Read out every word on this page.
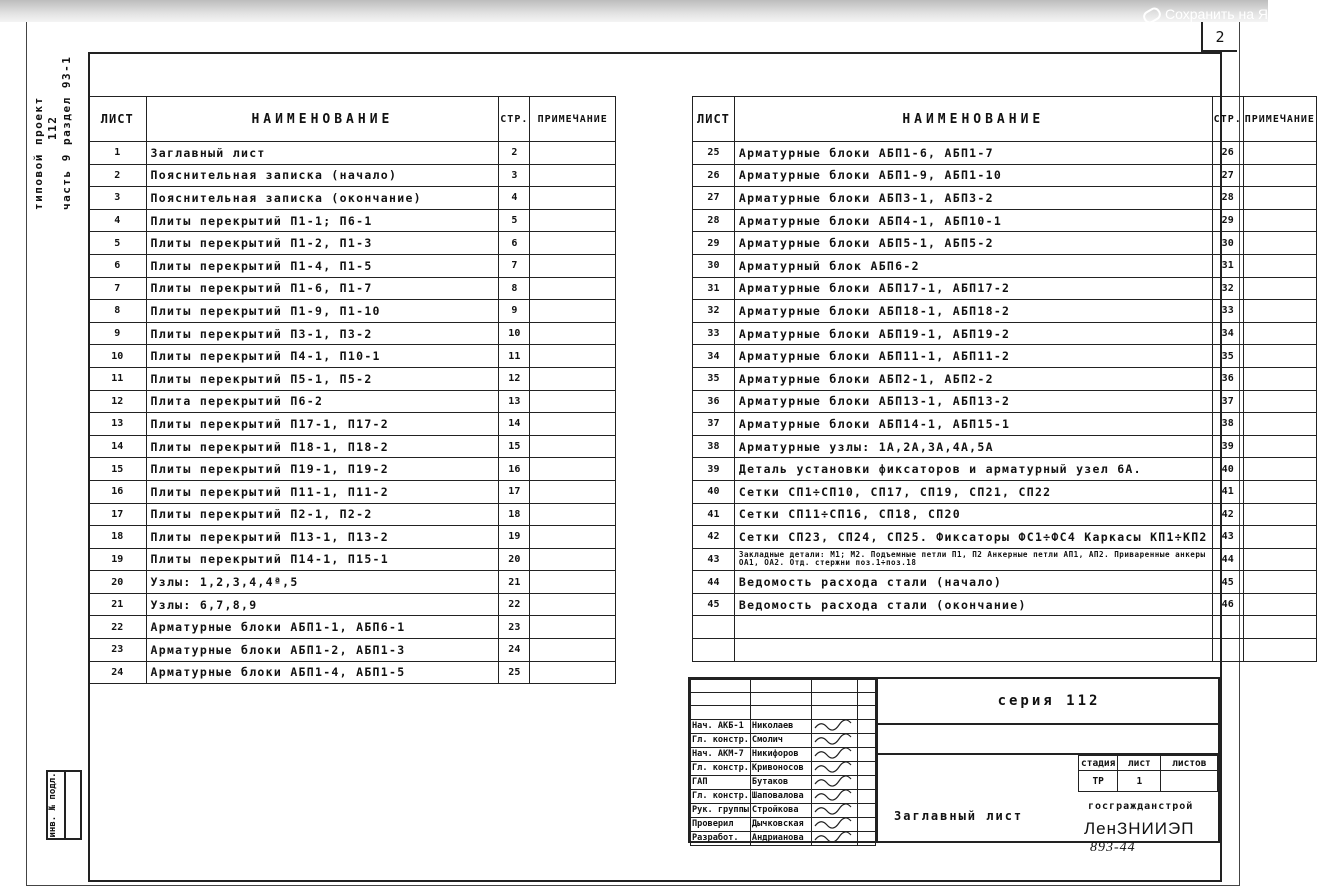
Сохранить на Я
2
типовой проект 112 часть 9 раздел 93-1
инв. № подл.
ЛИСТ	НАИМЕНОВАНИЕ	СТР.	ПРИМЕЧАНИЕ
1	Заглавный лист	2	
2	Пояснительная записка (начало)	3	
3	Пояснительная записка (окончание)	4	
4	Плиты перекрытий П1-1; П6-1	5	
5	Плиты перекрытий П1-2, П1-3	6	
6	Плиты перекрытий П1-4, П1-5	7	
7	Плиты перекрытий П1-6, П1-7	8	
8	Плиты перекрытий П1-9, П1-10	9	
9	Плиты перекрытий П3-1, П3-2	10	
10	Плиты перекрытий П4-1, П10-1	11	
11	Плиты перекрытий П5-1, П5-2	12	
12	Плита перекрытий П6-2	13	
13	Плиты перекрытий П17-1, П17-2	14	
14	Плиты перекрытий П18-1, П18-2	15	
15	Плиты перекрытий П19-1, П19-2	16	
16	Плиты перекрытий П11-1, П11-2	17	
17	Плиты перекрытий П2-1, П2-2	18	
18	Плиты перекрытий П13-1, П13-2	19	
19	Плиты перекрытий П14-1, П15-1	20	
20	Узлы: 1,2,3,4,4ª,5	21	
21	Узлы: 6,7,8,9	22	
22	Арматурные блоки АБП1-1, АБП6-1	23	
23	Арматурные блоки АБП1-2, АБП1-3	24	
24	Арматурные блоки АБП1-4, АБП1-5	25	
ЛИСТ	НАИМЕНОВАНИЕ	СТР.	ПРИМЕЧАНИЕ
25	Арматурные блоки АБП1-6, АБП1-7	26	
26	Арматурные блоки АБП1-9, АБП1-10	27	
27	Арматурные блоки АБП3-1, АБП3-2	28	
28	Арматурные блоки АБП4-1, АБП10-1	29	
29	Арматурные блоки АБП5-1, АБП5-2	30	
30	Арматурный блок АБП6-2	31	
31	Арматурные блоки АБП17-1, АБП17-2	32	
32	Арматурные блоки АБП18-1, АБП18-2	33	
33	Арматурные блоки АБП19-1, АБП19-2	34	
34	Арматурные блоки АБП11-1, АБП11-2	35	
35	Арматурные блоки АБП2-1, АБП2-2	36	
36	Арматурные блоки АБП13-1, АБП13-2	37	
37	Арматурные блоки АБП14-1, АБП15-1	38	
38	Арматурные узлы: 1А,2А,3А,4А,5А	39	
39	Деталь установки фиксаторов и арматурный узел 6А.	40	
40	Сетки СП1÷СП10, СП17, СП19, СП21, СП22	41	
41	Сетки СП11÷СП16, СП18, СП20	42	
42	Сетки СП23, СП24, СП25. Фиксаторы ФС1÷ФС4 Каркасы КП1÷КП2	43	
43	Закладные детали: М1; М2. Подъемные петли П1, П2 Анкерные петли АП1, АП2. Приваренные анкеры ОА1, ОА2. Отд. стержни поз.1÷поз.18	44	
44	Ведомость расхода стали (начало)	45	
45	Ведомость расхода стали (окончание)	46	

Нач. АКБ-1	Николаев		
Гл. констр.	Смолич		
Нач. АКМ-7	Никифоров		
Гл. констр.	Кривоносов		
ГАП	Бутаков		
Гл. констр.	Шаповалова		
Рук. группы	Стройкова		
Проверил	Дычковская		
Разработ.	Андрианова		
серия 112
Заглавный лист
стадия	лист	листов
ТР	1	
госгражданстрой
ЛенЗНИИЭП
893-44
